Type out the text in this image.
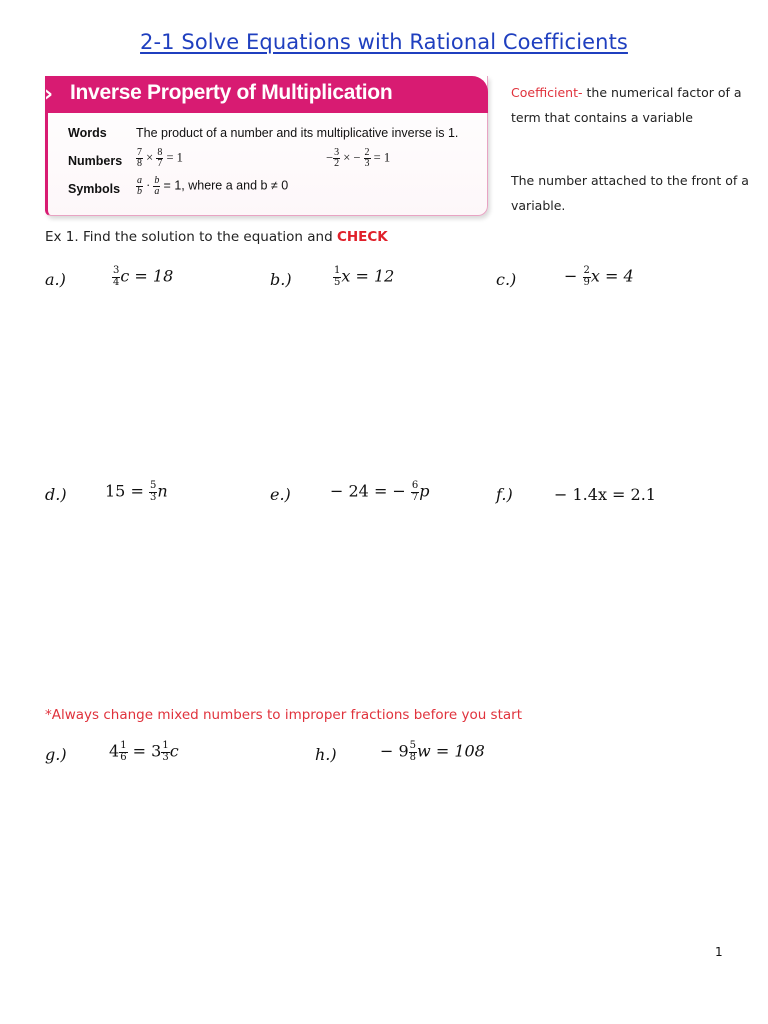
2-1 Solve Equations with Rational Coefficients
› Inverse Property of Multiplication
Words The product of a number and its multiplicative inverse is 1.
Numbers $\frac{7}{8} \times \frac{8}{7} = 1$	− $\frac{3}{2}$ × − $\frac{2}{3} = 1$
Symbols $\frac{a}{b} \cdot \frac{b}{a} = 1$, where a and b ≠ 0
Coefficient- the numerical factor of a term that contains a variable
The number attached to the front of a variable.
Ex 1. Find the solution to the equation and CHECK
a.)	$\frac{3}{4}$ c = 18	b.)	$\frac{1}{5}$ x = 12	c.)	− $\frac{2}{9}$ x = 4
d.) $15 = \frac{5}{3}$ n	e.) − 24 = − $\frac{6}{7}$ p	f.)	− 1.4x = 2.1
*Always change mixed numbers to improper fractions before you start
g.)	$4 \frac{1}{6} = 3 \frac{1}{3}$ c	h.)	− $9 \frac{5}{8}$ w = 108
1
